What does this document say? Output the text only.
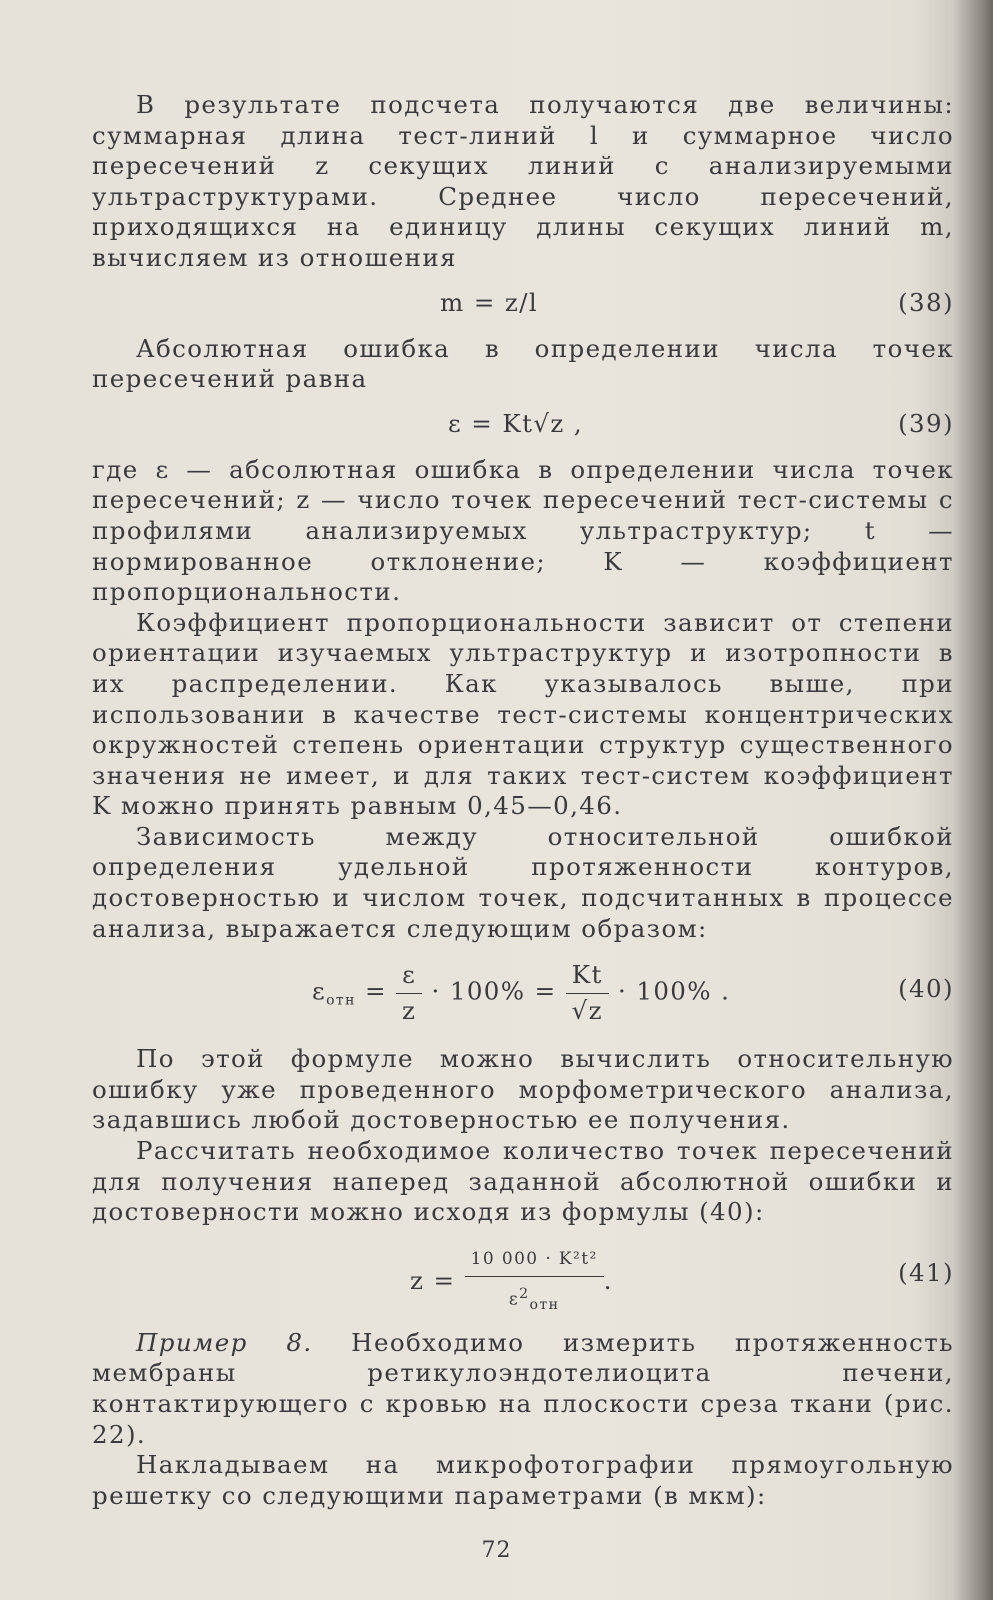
В результате подсчета получаются две величины: суммарная длина тест-линий l и суммарное число пересечений z секущих линий с анализируемыми ультраструктурами. Среднее число пересечений, приходящихся на единицу длины секущих линий m, вычисляем из отношения

m = z/l	(38)

Абсолютная ошибка в определении числа точек пересечений равна

ε = Kt√z ,	(39)

где ε — абсолютная ошибка в определении числа точек пересечений; z — число точек пересечений тест-системы с профилями анализируемых ультраструктур; t — нормированное отклонение; K — коэффициент пропорциональности.

Коэффициент пропорциональности зависит от степени ориентации изучаемых ультраструктур и изотропности в их распределении. Как указывалось выше, при использовании в качестве тест-системы концентрических окружностей степень ориентации структур существенного значения не имеет, и для таких тест-систем коэффициент K можно принять равным 0,45—0,46.

Зависимость между относительной ошибкой определения удельной протяженности контуров, достоверностью и числом точек, подсчитанных в процессе анализа, выражается следующим образом:

$\varepsilon_{отн} = \frac{\varepsilon}{z} \cdot 100\% = \frac{Kt}{√z} \cdot 100\%$ .	(40)

По этой формуле можно вычислить относительную ошибку уже проведенного морфометрического анализа, задавшись любой достоверностью ее получения.

Рассчитать необходимое количество точек пересечений для получения наперед заданной абсолютной ошибки и достоверности можно исходя из формулы (40):

$z = \frac{\text{10 000 · K²t²}}{\varepsilon^2_{отн}}$ .	(41)

Пример 8. Необходимо измерить протяженность мембраны ретикулоэндотелиоцита печени, контактирующего с кровью на плоскости среза ткани (рис. 22).

Накладываем на микрофотографии прямоугольную решетку со следующими параметрами (в мкм):

72
